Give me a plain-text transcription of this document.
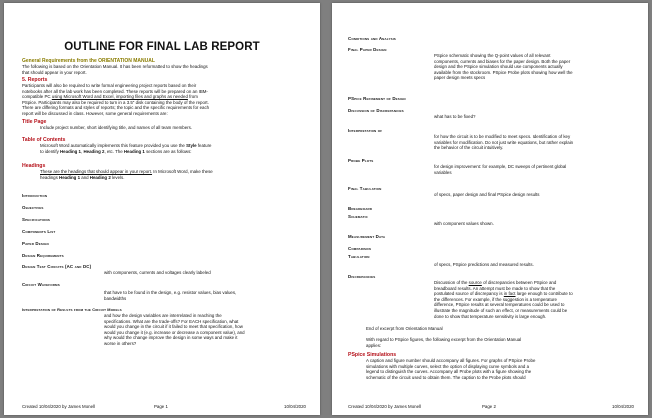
OUTLINE FOR FINAL LAB REPORT
General Requirements from the ORIENTATION MANUAL
The following is based on the Orientation Manual. It has been reformatted to show the headings
that should appear in your report.
5. Reports
Participants will also be required to write formal engineering project reports based on their
notebooks after all the lab work has been completed. These reports will be prepared on an IBM-
compatible PC using Microsoft Word and Excel, importing files and graphs as needed from
PSpice. Participants may also be required to turn in a 3.5" disk containing the body of the report.
There are differing formats and styles of reports; the topic and the specific requirements for each
report will be discussed in class. However, some general requirements are:
Title Page
Include project number, short identifying title, and names of all team members.
Table of Contents
Microsoft Word automatically implements this feature provided you use the Style feature
to identify Heading 1, Heading 2, etc. The Heading 1 sections are as follows:
Headings
These are the headings that should appear in your report. In Microsoft Word, make these
headings Heading 1 and Heading 2 levels.
Introduction
Objectives
Specifications
Components List
Paper Design
Design Requirements
Design Test Circuits (AC and DC)
with components, currents and voltages clearly labeled
Circuit Waveforms
that have to be found in the design, e.g. resistor values, bias values,
bandwidths
Interpretation of Results from the Circuit Models
and how the design variables are interrelated in reaching the
specifications. What are the trade-offs? For EACH specification, what
would you change in the circuit if it failed to meet that specification, how
would you change it (e.g. increase or decrease a component value), and
why would the change improve the design in some ways and make it
worse in others?
Created 10/04/2020 by James Monell	Page 1	10/04/2020
Conditions and Analysis
Final Paper Design
PSpice schematic showing the Q-point values of all relevant
components, currents and biases for the paper design. Both the paper
design and the PSpice simulation should use components actually
available from the stockroom. PSpice Probe plots showing how well the
paper design meets specs
PSpice Refinement of Design
Discussion of Discrepancies
what has to be fixed?
Interpretation of
for how the circuit is to be modified to meet specs. Identification of key
variables for modification. Do not just write equations, but rather explain
the behavior of the circuit intuitively.
Probe Plots
for design improvement: for example, DC sweeps of pertinent global
variables
Final Tabulation
of specs, paper design and final PSpice design results
Breadboard
Schematic
with component values shown.
Measurement Data
Comparison
Tabulation
of specs, PSpice predictions and measured results.
Discrepancies
Discussion of the source of discrepancies between PSpice and
breadboard results. An attempt must be made to show that the
postulated source of discrepancy is in fact large enough to contribute to
the differences. For example, if the suggestion is a temperature
difference, PSpice results at several temperatures could be used to
illustrate the magnitude of such an effect, or measurements could be
done to show that temperature sensitivity is large enough.
End of excerpt from Orientation Manual
With regard to PSpice figures, the following excerpt from the Orientation Manual
applies:
PSpice Simulations
A caption and figure number should accompany all figures. For graphs of PSpice Probe
simulations with multiple curves, select the option of displaying curve symbols and a
legend to distinguish the curves. Accompany all Probe plots with a figure showing the
schematic of the circuit used to obtain them. The caption to the Probe plots should
Created 10/04/2020 by James Monell	Page 2	10/04/2020
